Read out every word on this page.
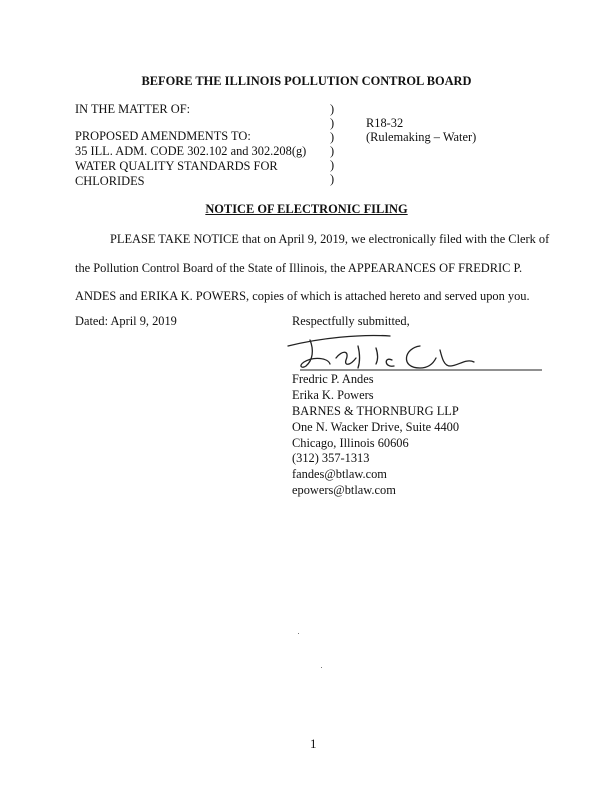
BEFORE THE ILLINOIS POLLUTION CONTROL BOARD
IN THE MATTER OF:
PROPOSED AMENDMENTS TO:
35 ILL. ADM. CODE 302.102 and 302.208(g)
WATER QUALITY STANDARDS FOR
CHLORIDES
)
)
)
)
)
)
R18-32
(Rulemaking – Water)
NOTICE OF ELECTRONIC FILING
PLEASE TAKE NOTICE that on April 9, 2019, we electronically filed with the Clerk of
the Pollution Control Board of the State of Illinois, the APPEARANCES OF FREDRIC P.
ANDES and ERIKA K. POWERS, copies of which is attached hereto and served upon you.
Dated: April 9, 2019	Respectfully submitted,
Fredric P. Andes
Erika K. Powers
BARNES & THORNBURG LLP
One N. Wacker Drive, Suite 4400
Chicago, Illinois 60606
(312) 357-1313
fandes@btlaw.com
epowers@btlaw.com
1
